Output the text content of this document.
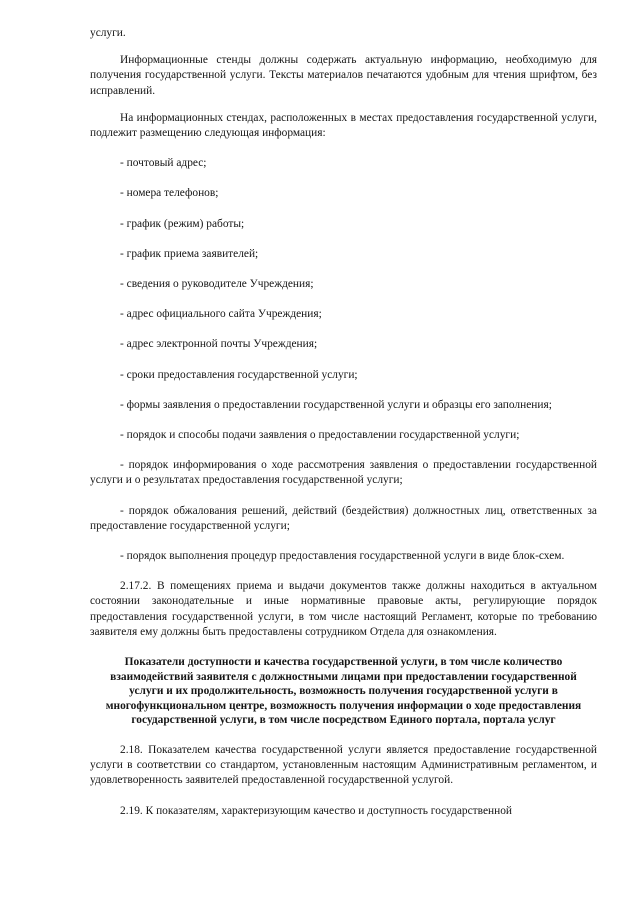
услуги.

Информационные стенды должны содержать актуальную информацию, необходимую для получения государственной услуги. Тексты материалов печатаются удобным для чтения шрифтом, без исправлений.

На информационных стендах, расположенных в местах предоставления государственной услуги, подлежит размещению следующая информация:

- почтовый адрес;

- номера телефонов;

- график (режим) работы;

- график приема заявителей;

- сведения о руководителе Учреждения;

- адрес официального сайта Учреждения;

- адрес электронной почты Учреждения;

- сроки предоставления государственной услуги;

- формы заявления о предоставлении государственной услуги и образцы его заполнения;

- порядок и способы подачи заявления о предоставлении государственной услуги;

- порядок информирования о ходе рассмотрения заявления о предоставлении государственной услуги и о результатах предоставления государственной услуги;

- порядок обжалования решений, действий (бездействия) должностных лиц, ответственных за предоставление государственной услуги;

- порядок выполнения процедур предоставления государственной услуги в виде блок-схем.

2.17.2. В помещениях приема и выдачи документов также должны находиться в актуальном состоянии законодательные и иные нормативные правовые акты, регулирующие порядок предоставления государственной услуги, в том числе настоящий Регламент, которые по требованию заявителя ему должны быть предоставлены сотрудником Отдела для ознакомления.

Показатели доступности и качества государственной услуги, в том числе количество взаимодействий заявителя с должностными лицами при предоставлении государственной услуги и их продолжительность, возможность получения государственной услуги в многофункциональном центре, возможность получения информации о ходе предоставления государственной услуги, в том числе посредством Единого портала, портала услуг

2.18. Показателем качества государственной услуги является предоставление государственной услуги в соответствии со стандартом, установленным настоящим Административным регламентом, и удовлетворенность заявителей предоставленной государственной услугой.

2.19. К показателям, характеризующим качество и доступность государственной
